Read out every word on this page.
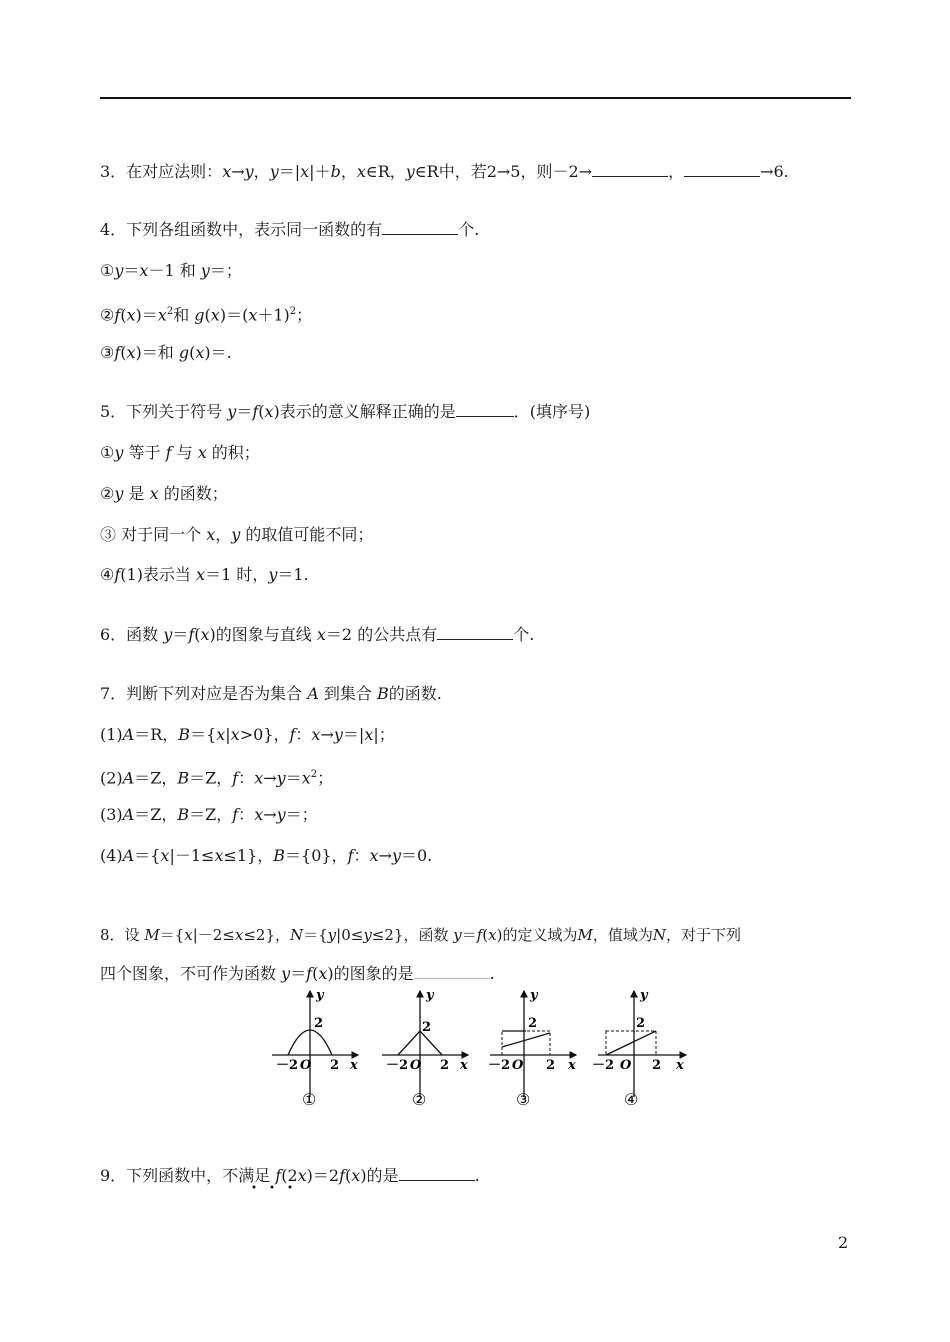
3．在对应法则：x→y，y＝|x|＋b，x∈R，y∈R中，若2→5，则－2→	，	→6.
4．下列各组函数中，表示同一函数的有	个.
①y＝x－1 和 y＝；
$②f(x)=x^2$和 $g(x)=(x+1)^2$；
③f(x)＝和 g(x)＝.
5．下列关于符号 y＝f(x)表示的意义解释正确的是	．(填序号)
①y 等于 f 与 x 的积；
②y 是 x 的函数；
③ 对于同一个 x，y 的取值可能不同；
④f(1)表示当 x＝1 时，y＝1.
6．函数 y＝f(x)的图象与直线 x＝2 的公共点有	个.
7．判断下列对应是否为集合 A 到集合 B的函数.
(1)A＝R，B＝{x|x>0}，f：x→y＝|x|；
(2)A＝Z，B＝Z，f：$x\to y=x^2$；
(3)A＝Z，B＝Z，f：x→y＝；
(4)A＝{x|－1≤x≤1}，B＝{0}，f：x→y＝0.
8．设 M＝{x|－2≤x≤2}，N＝{y|0≤y≤2}，函数 y＝f(x)的定义域为M，值域为N，对于下列
四个图象，不可作为函数 y＝f(x)的图象的是	.
y
2
－2 O 2 x
①
y
2
－2 O 2 x
②
y
2
－2 O 2 x
③
y
2
－2 O 2 x
④
9．下列函数中，不满足 f(2x)＝2f(x)的是	.
2
